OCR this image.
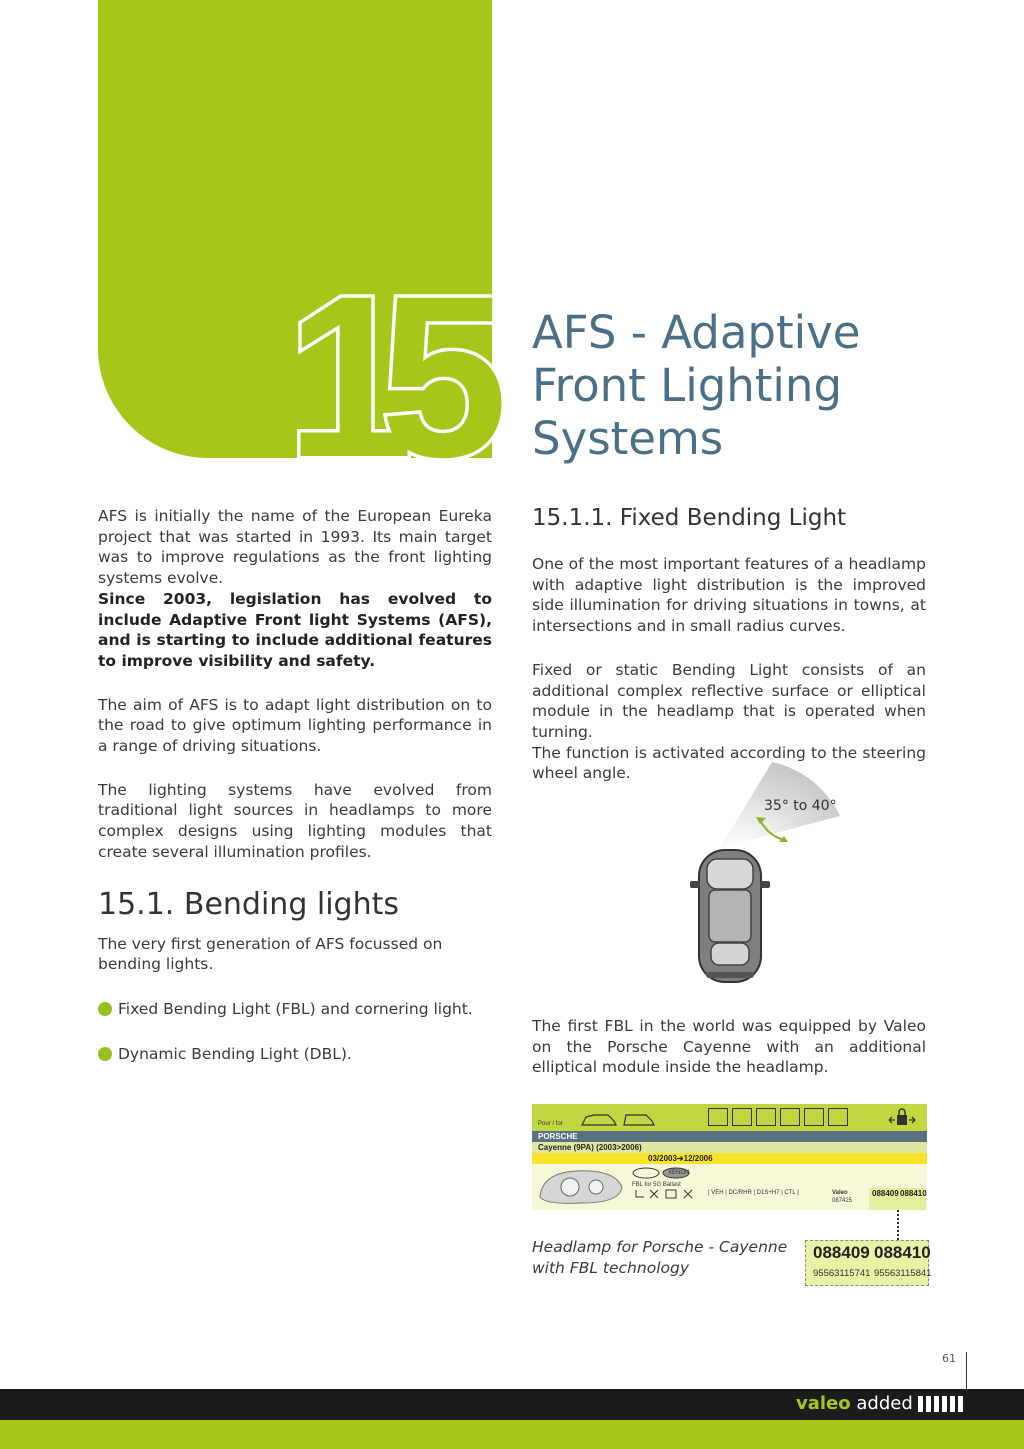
15 AFS - Adaptive
Front Lighting
Systems

AFS is initially the name of the European Eureka project that was started in 1993. Its main target was to improve regulations as the front lighting systems evolve.

Since 2003, legislation has evolved to include Adaptive Front light Systems (AFS), and is starting to include additional features to improve visibility and safety.

The aim of AFS is to adapt light distribution on to the road to give optimum lighting performance in a range of driving situations.

The lighting systems have evolved from traditional light sources in headlamps to more complex designs using lighting modules that create several illumination profiles.

15.1. Bending lights

The very first generation of AFS focussed on bending lights.

Fixed Bending Light (FBL) and cornering light.
Dynamic Bending Light (DBL).
15.1.1. Fixed Bending Light

One of the most important features of a headlamp with adaptive light distribution is the improved side illumination for driving situations in towns, at intersections and in small radius curves.

Fixed or static Bending Light consists of an additional complex reflective surface or elliptical module in the headlamp that is operated when turning.

The function is activated according to the steering wheel angle.

35° to 40°

The first FBL in the world was equipped by Valeo on the Porsche Cayenne with an additional elliptical module inside the headlamp.

Pour / for
PORSCHE
Cayenne (9PA) (2003>2006)
03/2003➔12/2006
XENON
FBL for 5G Ballast
| VEH | DC/RHR | D1S+H7 | CTL |	Valeo
087425
088409 088410
088409 088410
95563115741 95563115841
Headlamp for Porsche - Cayenne
with FBL technology
61
valeo added
